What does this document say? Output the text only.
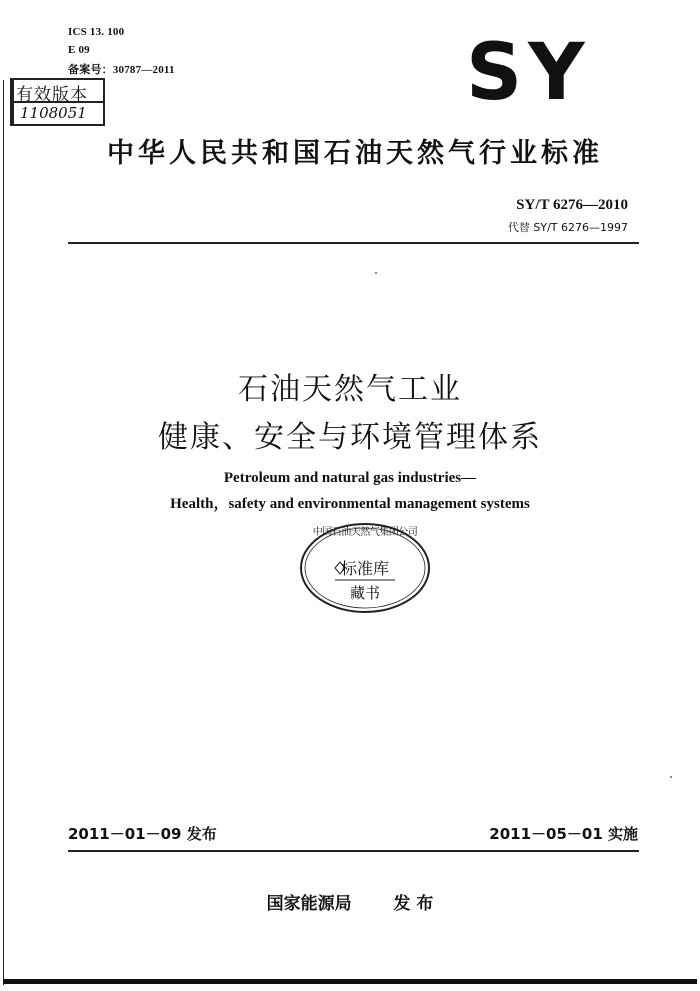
ICS 13. 100
E 09
备案号：30787—2011
有效版本
1108051	SY
中华人民共和国石油天然气行业标准
SY/T 6276—2010
代替 SY/T 6276—1997
石油天然气工业
健康、安全与环境管理体系
Petroleum and natural gas industries—
Health，safety and environmental management systems
中国石油天然气集团公司
标准库
藏书
2011－01－09 发布	2011－05－01 实施
国家能源局 发 布
